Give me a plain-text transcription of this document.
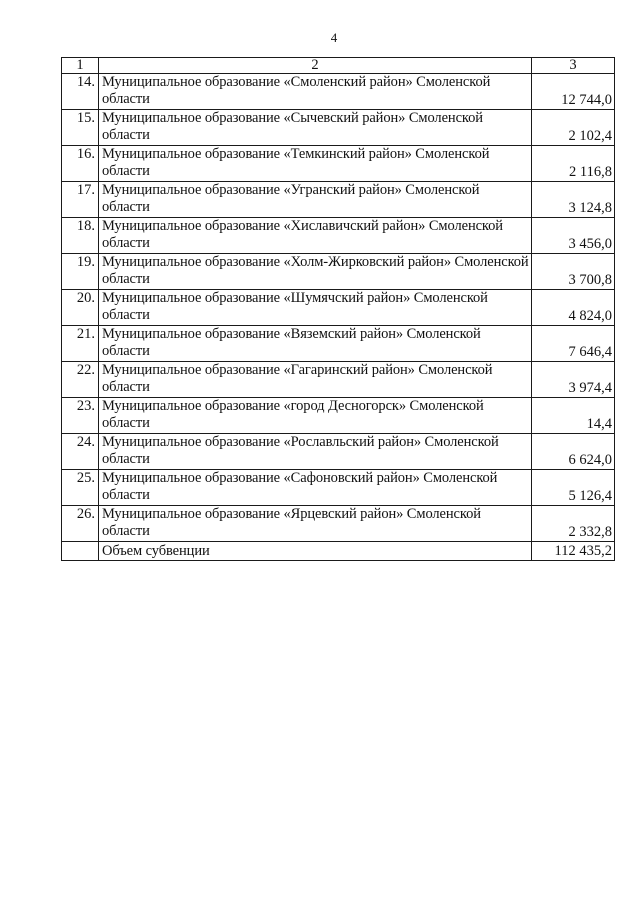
4
1	2	3
14.	Муниципальное образование «Смоленский район» Смоленской области	12 744,0
15.	Муниципальное образование «Сычевский район» Смоленской области	2 102,4
16.	Муниципальное образование «Темкинский район» Смоленской области	2 116,8
17.	Муниципальное образование «Угранский район» Смоленской области	3 124,8
18.	Муниципальное образование «Хиславичский район» Смоленской области	3 456,0
19.	Муниципальное образование «Холм-Жирковский район» Смоленской области	3 700,8
20.	Муниципальное образование «Шумячский район» Смоленской области	4 824,0
21.	Муниципальное образование «Вяземский район» Смоленской области	7 646,4
22.	Муниципальное образование «Гагаринский район» Смоленской области	3 974,4
23.	Муниципальное образование «город Десногорск» Смоленской области	14,4
24.	Муниципальное образование «Рославльский район» Смоленской области	6 624,0
25.	Муниципальное образование «Сафоновский район» Смоленской области	5 126,4
26.	Муниципальное образование «Ярцевский район» Смоленской области	2 332,8
	Объем субвенции	112 435,2
